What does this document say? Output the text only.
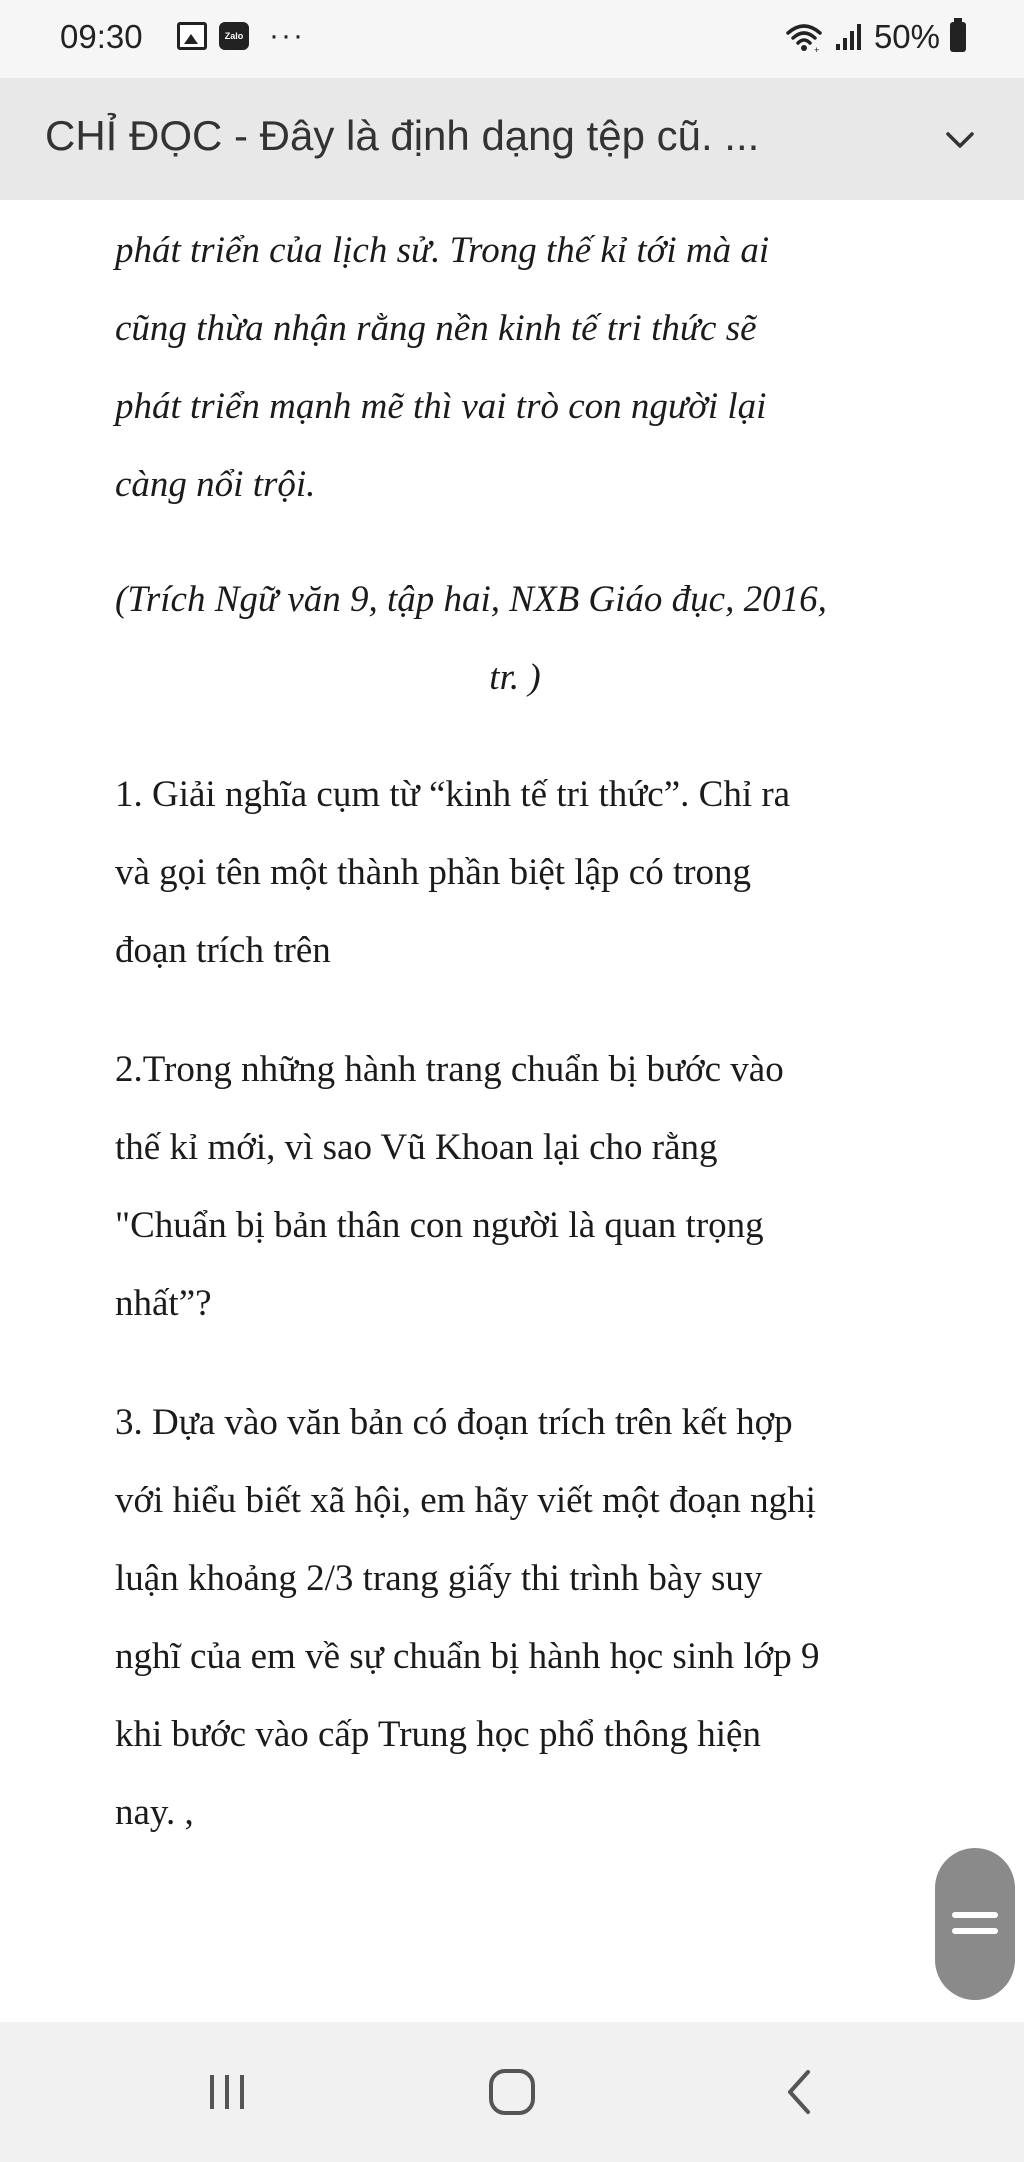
09:30	Zalo ···	+ 50%
CHỈ ĐỌC - Đây là định dạng tệp cũ. ...

phát triển của lịch sử. Trong thế kỉ tới mà ai
cũng thừa nhận rằng nền kinh tế tri thức sẽ
phát triển mạnh mẽ thì vai trò con người lại
càng nổi trội.

(Trích Ngữ văn 9, tập hai, NXB Giáo đục, 2016,
tr. )

1. Giải nghĩa cụm từ “kinh tế tri thức”. Chỉ ra
và gọi tên một thành phần biệt lập có trong
đoạn trích trên

2.Trong những hành trang chuẩn bị bước vào
thế kỉ mới, vì sao Vũ Khoan lại cho rằng
"Chuẩn bị bản thân con người là quan trọng
nhất”?

3. Dựa vào văn bản có đoạn trích trên kết hợp
với hiểu biết xã hội, em hãy viết một đoạn nghị
luận khoảng 2/3 trang giấy thi trình bày suy
nghĩ của em về sự chuẩn bị hành học sinh lớp 9
khi bước vào cấp Trung học phổ thông hiện
nay. ,
